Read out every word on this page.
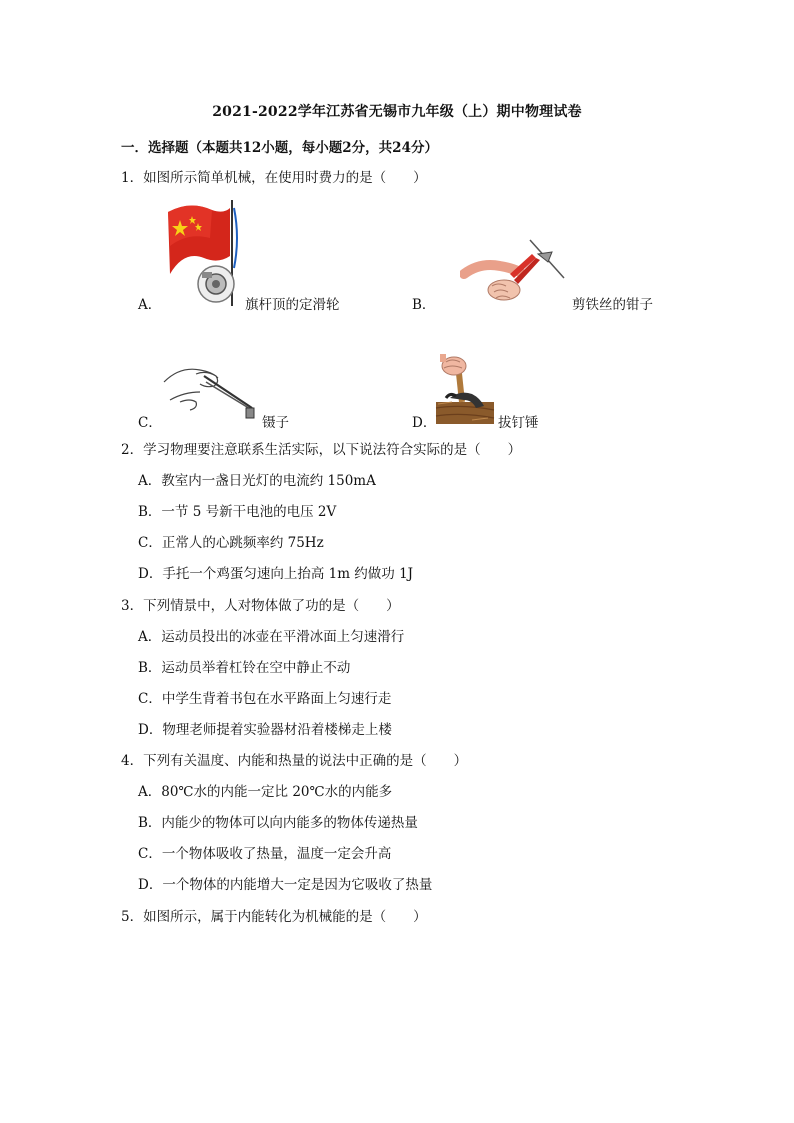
2021-2022学年江苏省无锡市九年级（上）期中物理试卷
一．选择题（本题共12小题，每小题2分，共24分）
1．如图所示简单机械，在使用时费力的是（　　）
A．	旗杆顶的定滑轮	B．	剪铁丝的钳子
C．	镊子	D．	拔钉锤
2．学习物理要注意联系生活实际，以下说法符合实际的是（　　）
A．教室内一盏日光灯的电流约 150mA
B．一节 5 号新干电池的电压 2V
C．正常人的心跳频率约 75Hz
D．手托一个鸡蛋匀速向上抬高 1m 约做功 1J
3．下列情景中，人对物体做了功的是（　　）
A．运动员投出的冰壶在平滑冰面上匀速滑行
B．运动员举着杠铃在空中静止不动
C．中学生背着书包在水平路面上匀速行走
D．物理老师提着实验器材沿着楼梯走上楼
4．下列有关温度、内能和热量的说法中正确的是（　　）
A．80℃水的内能一定比 20℃水的内能多
B．内能少的物体可以向内能多的物体传递热量
C．一个物体吸收了热量，温度一定会升高
D．一个物体的内能增大一定是因为它吸收了热量
5．如图所示，属于内能转化为机械能的是（　　）
